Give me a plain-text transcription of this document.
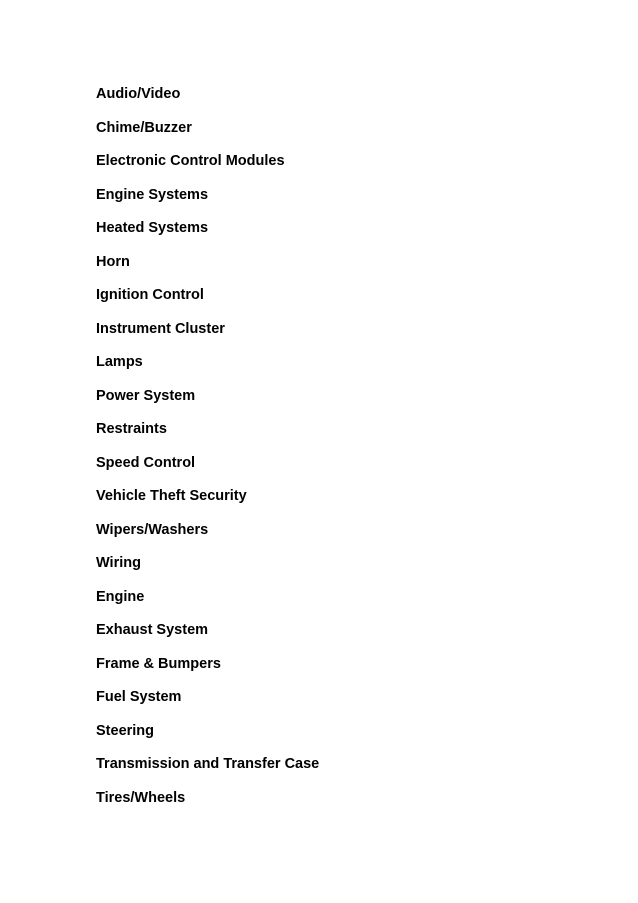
Audio/Video
Chime/Buzzer
Electronic Control Modules
Engine Systems
Heated Systems
Horn
Ignition Control
Instrument Cluster
Lamps
Power System
Restraints
Speed Control
Vehicle Theft Security
Wipers/Washers
Wiring
Engine
Exhaust System
Frame & Bumpers
Fuel System
Steering
Transmission and Transfer Case
Tires/Wheels
